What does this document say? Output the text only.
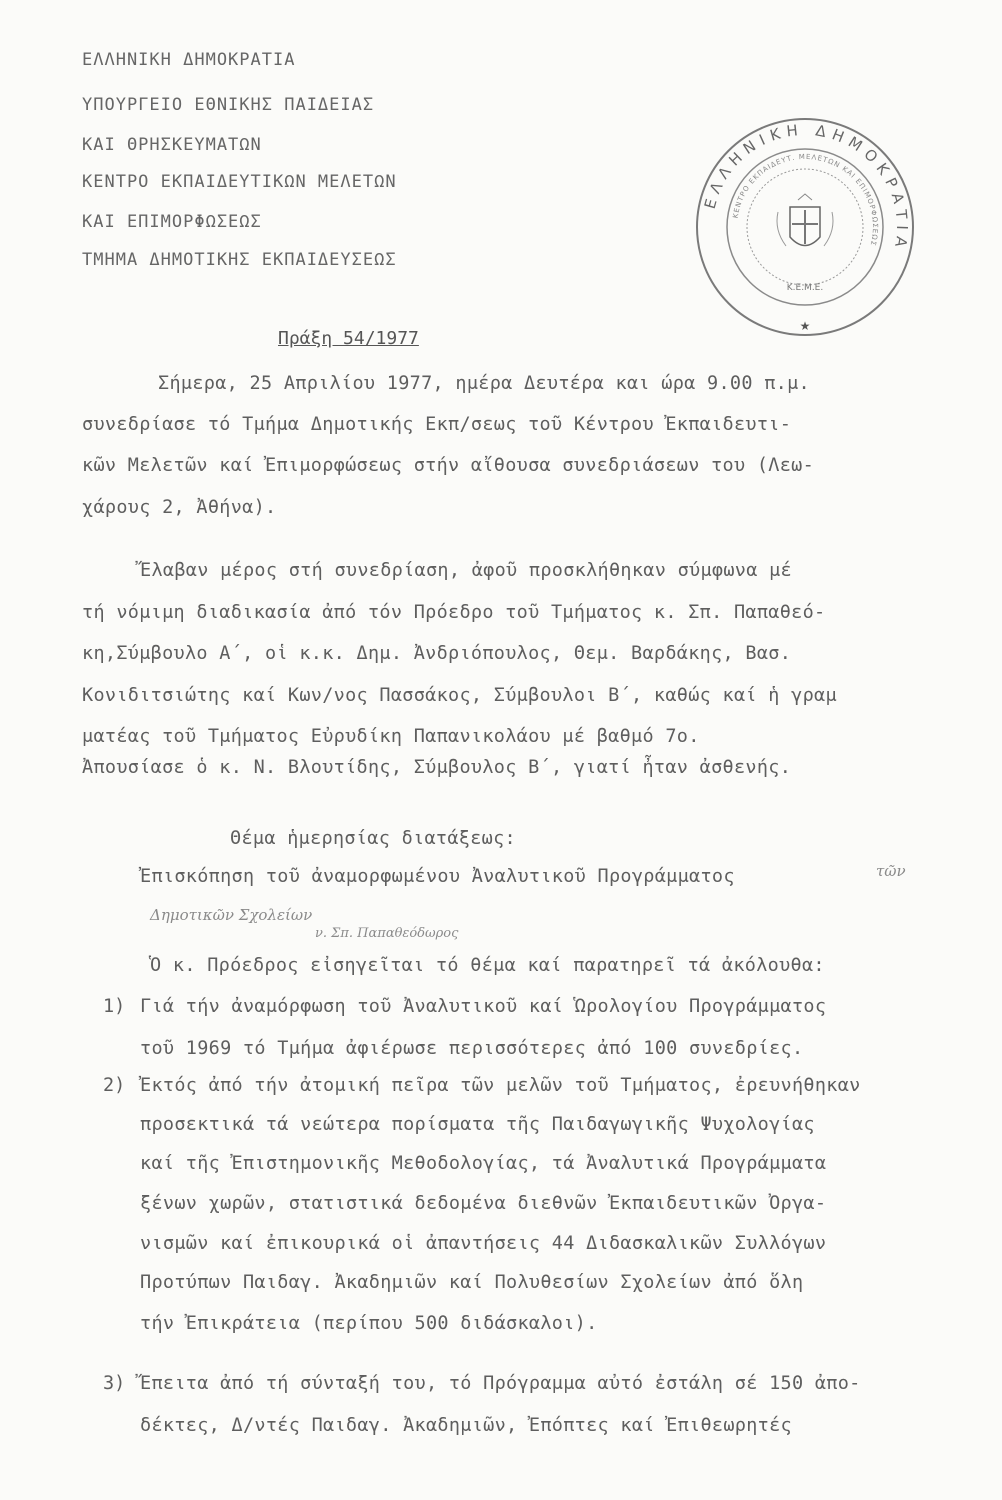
ΕΛΛΗΝΙΚΗ ΔΗΜΟΚΡΑΤΙΑ
ΥΠΟΥΡΓΕΙΟ ΕΘΝΙΚΗΣ ΠΑΙΔΕΙΑΣ
ΚΑΙ ΘΡΗΣΚΕΥΜΑΤΩΝ
ΚΕΝΤΡΟ ΕΚΠΑΙΔΕΥΤΙΚΩΝ ΜΕΛΕΤΩΝ
ΚΑΙ ΕΠΙΜΟΡΦΩΣΕΩΣ
ΤΜΗΜΑ ΔΗΜΟΤΙΚΗΣ ΕΚΠΑΙΔΕΥΣΕΩΣ
ΕΛΛΗΝΙΚΗ ΔΗΜΟΚΡΑΤΙΑ
ΚΕΝΤΡΟ ΕΚΠΑΙΔΕΥΤ. ΜΕΛΕΤΩΝ ΚΑΙ ΕΠΙΜΟΡΦΩΣΕΩΣ
Κ.Ε.Μ.Ε.
★
Πράξη 54/1977
Σήμερα, 25 Απριλίου 1977, ημέρα Δευτέρα και ώρα 9.00 π.μ.
συνεδρίασε τό Τμήμα Δημοτικής Εκπ/σεως τοῦ Κέντρου Ἐκπαιδευτι-
κῶν Μελετῶν καί Ἐπιμορφώσεως στήν αἴθουσα συνεδριάσεων του (Λεω-
χάρους 2, Ἀθήνα).
Ἔλαβαν μέρος στή συνεδρίαση, ἀφοῦ προσκλήθηκαν σύμφωνα μέ
τή νόμιμη διαδικασία ἀπό τόν Πρόεδρο τοῦ Τμήματος κ. Σπ. Παπαθεό-
κη,Σύμβουλο Α΄, οἱ κ.κ. Δημ. Ἀνδριόπουλος, Θεμ. Βαρδάκης, Βασ.
Κονιδιτσιώτης καί Κων/νος Πασσάκος, Σύμβουλοι Β΄, καθώς καί ἡ γραμ
ματέας τοῦ Τμήματος Εὐρυδίκη Παπανικολάου μέ βαθμό 7ο.
Ἀπουσίασε ὁ κ. Ν. Βλουτίδης, Σύμβουλος Β΄, γιατί ἦταν ἀσθενής.
Θέμα ἡμερησίας διατάξεως:
Ἐπισκόπηση τοῦ ἀναμορφωμένου Ἀναλυτικοῦ Προγράμματος	τῶν
Δημοτικῶν Σχολείων
ν. Σπ. Παπαθεόδωρος
Ὁ κ. Πρόεδρος εἰσηγεῖται τό θέμα καί παρατηρεῖ τά ἀκόλουθα:
1) Γιά τήν ἀναμόρφωση τοῦ Ἀναλυτικοῦ καί Ὡρολογίου Προγράμματος
τοῦ 1969 τό Τμήμα ἀφιέρωσε περισσότερες ἀπό 100 συνεδρίες.
2) Ἐκτός ἀπό τήν ἀτομική πεῖρα τῶν μελῶν τοῦ Τμήματος, ἐρευνήθηκαν
προσεκτικά τά νεώτερα πορίσματα τῆς Παιδαγωγικῆς Ψυχολογίας
καί τῆς Ἐπιστημονικῆς Μεθοδολογίας, τά Ἀναλυτικά Προγράμματα
ξένων χωρῶν, στατιστικά δεδομένα διεθνῶν Ἐκπαιδευτικῶν Ὀργα-
νισμῶν καί ἐπικουρικά οἱ ἀπαντήσεις 44 Διδασκαλικῶν Συλλόγων
Προτύπων Παιδαγ. Ἀκαδημιῶν καί Πολυθεσίων Σχολείων ἀπό ὅλη
τήν Ἐπικράτεια (περίπου 500 διδάσκαλοι).
3) Ἔπειτα ἀπό τή σύνταξή του, τό Πρόγραμμα αὐτό ἐστάλη σέ 150 ἀπο-
δέκτες, Δ/ντές Παιδαγ. Ἀκαδημιῶν, Ἐπόπτες καί Ἐπιθεωρητές
